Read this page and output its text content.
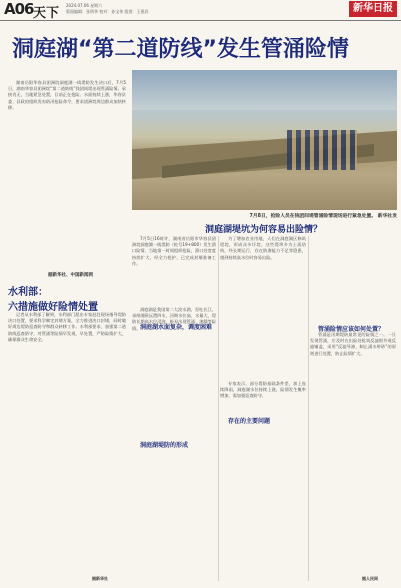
A06 天下
2024.07.06 星期六
版面编辑：张明华 校对：孙宝伟 组图：王建武	新华日报
洞庭湖“第二道防线”发生管涌险情

湖南岳阳华容县团洲垸洞庭湖一线堤防发生决口后，7月5日，湖南华容县团洲垸“第二道防线”钱团间堤出现管涌险情。承接肖无，当地紧急处置，目前正在抢险。水面持续上涨，华容县委、县政府组织发布防汛抢险命令，要求团洲垸周边群众加快转移。

据新华社、中国新闻网
水利部：
六措施做好险情处置

记者从水利部了解到，水利部门派出专家赶赴现场指导堤防决口处置，要求科学制定封堵方案，全力推进决口封堵，同时做好周边堤防巡查防守和群众转移工作。水利部要求，加强第二道防线巡查防守，对管涌等险情早发现、早处置，严防险情扩大，确保群众生命安全。

据新华社
7月8日，抢险人员在钱团间堤管涌险情现场进行紧急处置。 新华社发
洞庭湖堤坑为何容易出险情？

7月5日16时许，湖南省岳阳市华容县团洲垸洞庭湖一线堤防（桩号19+800）发生溃口险情。当地第一时间组织抢险，溃口处宽度持续扩大，经全力抢护，已完成封堵准备工作。

洞庭湖是我国第二大淡水湖，吞吐长江，承纳湘资沅澧四水，汛期水位高、水量大，堤防长期高水位浸泡，极易出现管涌、渗漏等险情。 洞庭湖水面复杂，调度困难
洞庭湖堤防的形成

为了增加农业用地，人们在洞庭湖区修筑堤垸，形成众多圩垸。这些堤坝多为土质结构，经长期运行，存在防渗能力不足等隐患，遇到持续高水位时容易出险。

专家表示，部分堤防基础条件差，加上连续降雨，洞庭湖水位持续上涨，险情发生概率增加，需加强巡查防守。

存在的主要问题

管涌是汛期堤防最常见的险情之一。一旦发现管涌，应及时在出险处抢筑反滤围井或反滤铺盖，采用“反滤导渗、制止涌水带砂”的原则进行处置，防止险情扩大。

管涌险情应该如何处置？
据人民网
